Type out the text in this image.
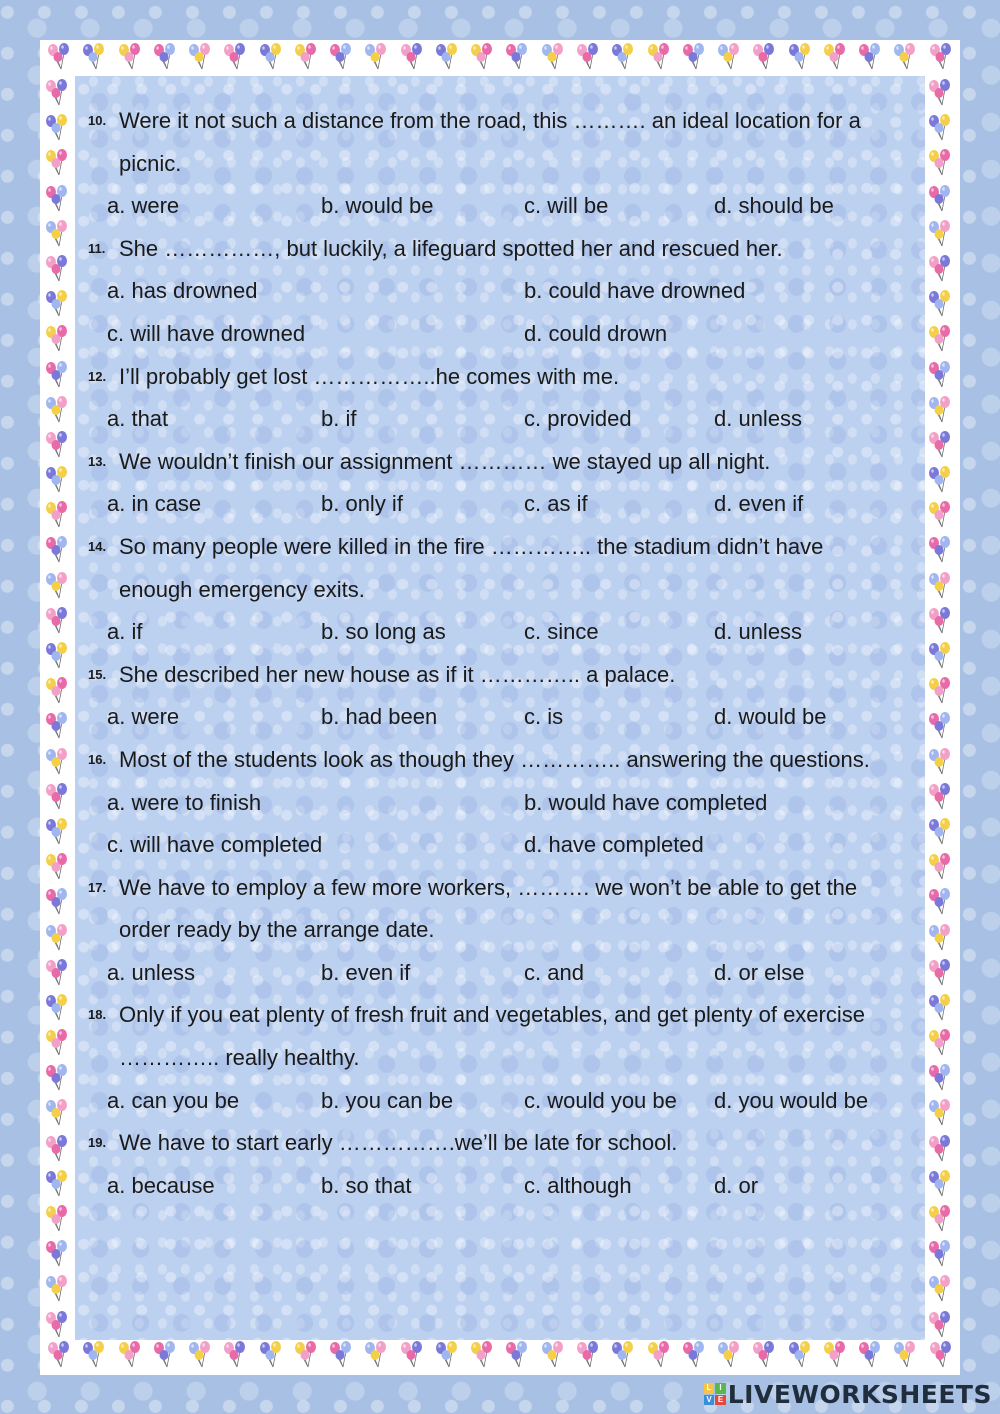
10. Were it not such a distance from the road, this ………. an ideal location for a
picnic.
a. were	b. would be	c. will be	d. should be
11. She ……………, but luckily, a lifeguard spotted her and rescued her.
a. has drowned	b. could have drowned
c. will have drowned	d. could drown
12. I’ll probably get lost ……………..he comes with me.
a. that	b. if	c. provided	d. unless
13. We wouldn’t finish our assignment ………… we stayed up all night.
a. in case	b. only if	c. as if	d. even if
14. So many people were killed in the fire ………….. the stadium didn’t have
enough emergency exits.
a. if	b. so long as	c. since	d. unless
15. She described her new house as if it ………….. a palace.
a. were	b. had been	c. is	d. would be
16. Most of the students look as though they ………….. answering the questions.
a. were to finish	b. would have completed
c. will have completed	d. have completed
17. We have to employ a few more workers, ………. we won’t be able to get the
order ready by the arrange date.
a. unless	b. even if	c. and	d. or else
18. Only if you eat plenty of fresh fruit and vegetables, and get plenty of exercise
………….. really healthy.
a. can you be	b. you can be	c. would you be d. you would be
19. We have to start early …………….we’ll be late for school.
a. because	b. so that	c. although	d. or
L I
V E LIVEWORKSHEETS
